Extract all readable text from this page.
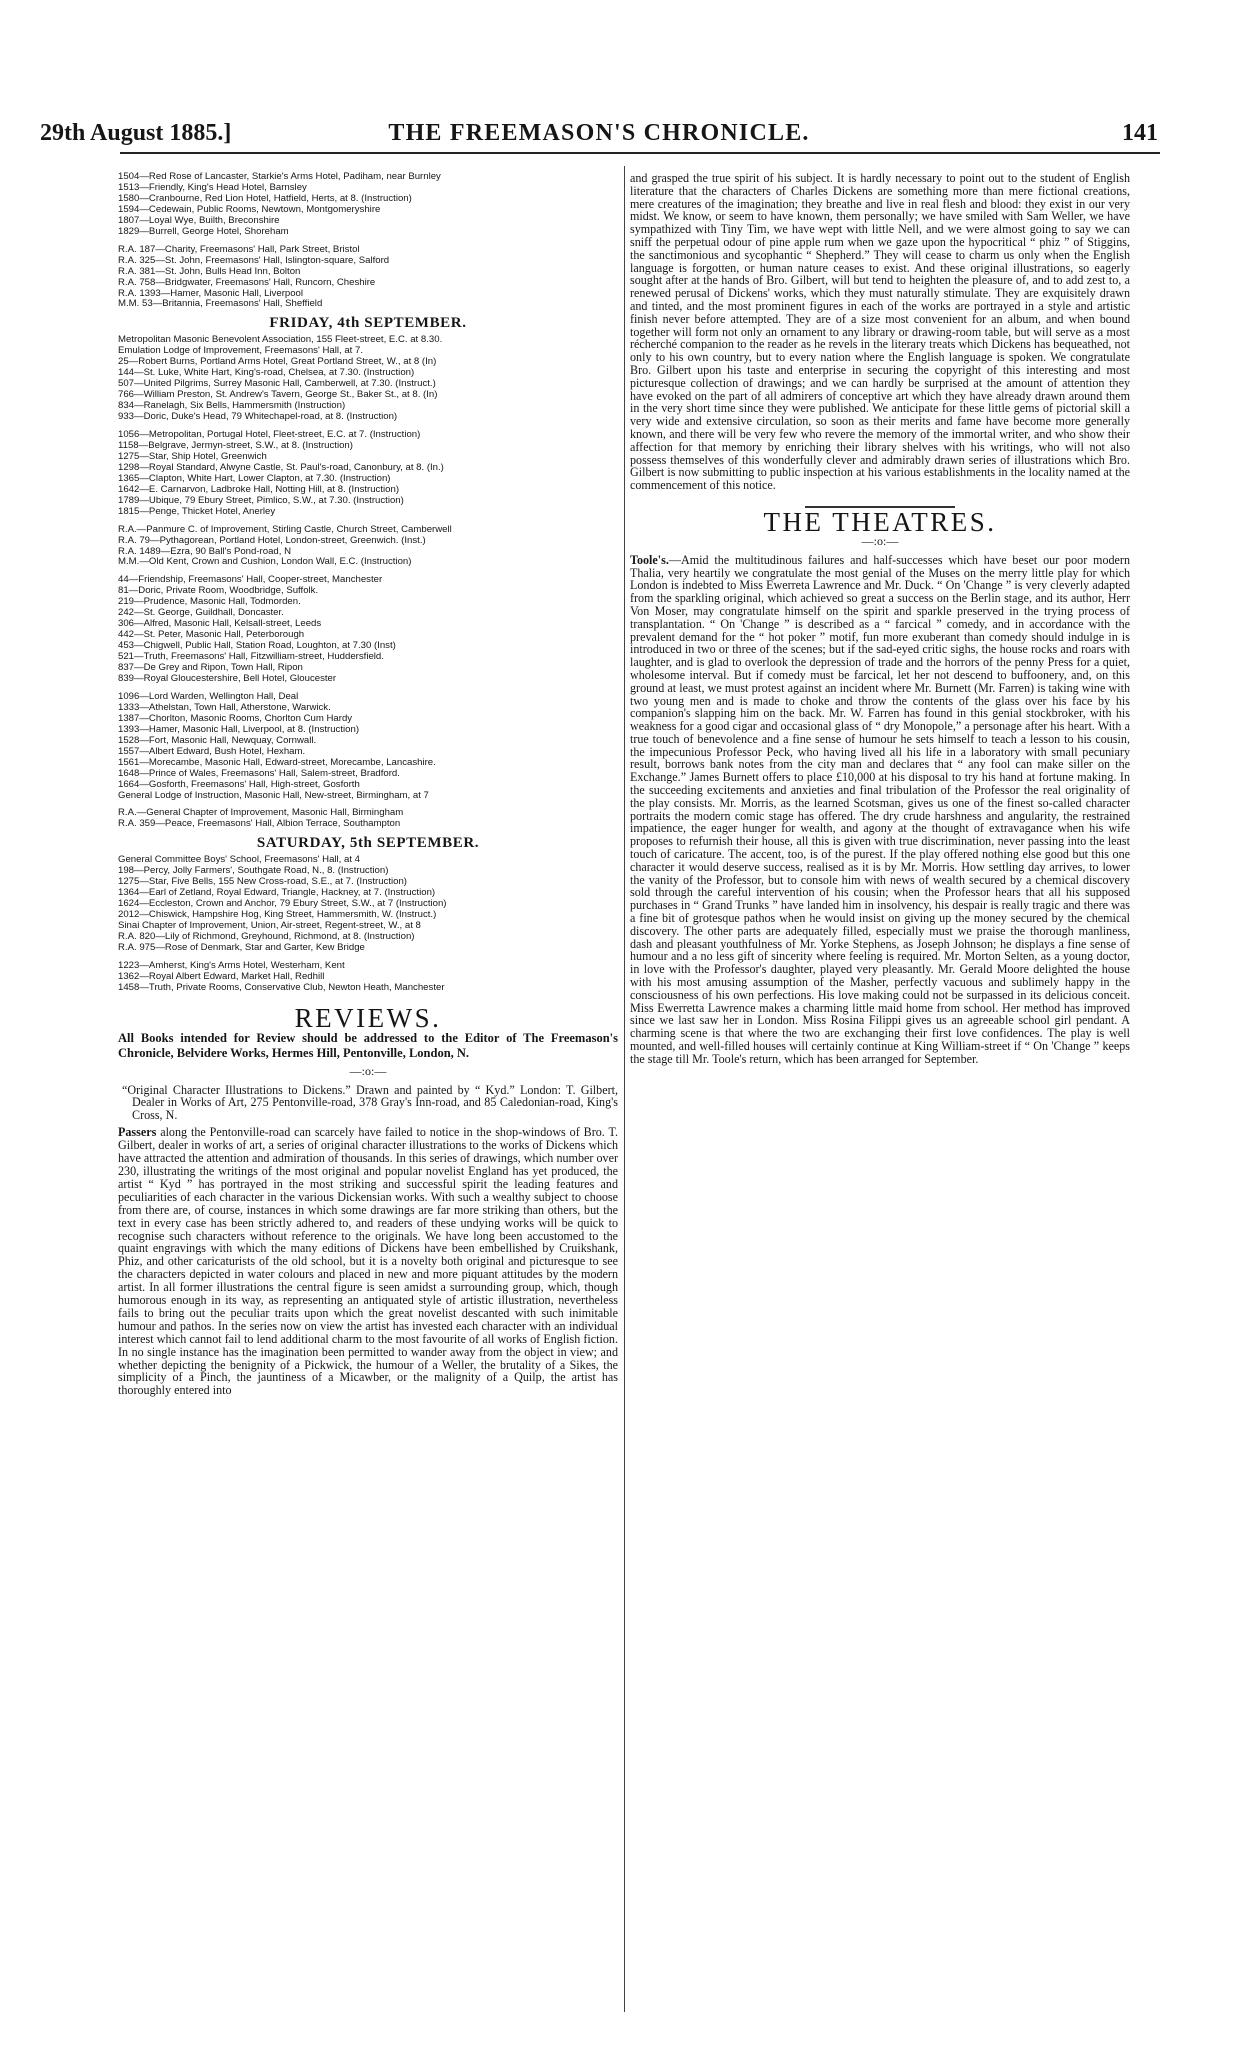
THE FREEMASON'S CHRONICLE.
29th August 1885.]	141
1504—Red Rose of Lancaster, Starkie's Arms Hotel, Padiham, near Burnley
1513—Friendly, King's Head Hotel, Barnsley
1580—Cranbourne, Red Lion Hotel, Hatfield, Herts, at 8. (Instruction)
1594—Cedewain, Public Rooms, Newtown, Montgomeryshire
1807—Loyal Wye, Builth, Breconshire
1829—Burrell, George Hotel, Shoreham
R.A. 187—Charity, Freemasons' Hall, Park Street, Bristol
R.A. 325—St. John, Freemasons' Hall, Islington-square, Salford
R.A. 381—St. John, Bulls Head Inn, Bolton
R.A. 758—Bridgwater, Freemasons' Hall, Runcorn, Cheshire
R.A. 1393—Hamer, Masonic Hall, Liverpool
M.M. 53—Britannia, Freemasons' Hall, Sheffield
FRIDAY, 4th SEPTEMBER.
Metropolitan Masonic Benevolent Association, 155 Fleet-street, E.C. at 8.30.
Emulation Lodge of Improvement, Freemasons' Hall, at 7.
25—Robert Burns, Portland Arms Hotel, Great Portland Street, W., at 8 (In)
144—St. Luke, White Hart, King's-road, Chelsea, at 7.30. (Instruction)
507—United Pilgrims, Surrey Masonic Hall, Camberwell, at 7.30. (Instruct.)
766—William Preston, St. Andrew's Tavern, George St., Baker St., at 8. (In)
834—Ranelagh, Six Bells, Hammersmith (Instruction)
933—Doric, Duke's Head, 79 Whitechapel-road, at 8. (Instruction)
1056—Metropolitan, Portugal Hotel, Fleet-street, E.C. at 7. (Instruction)
1158—Belgrave, Jermyn-street, S.W., at 8. (Instruction)
1275—Star, Ship Hotel, Greenwich
1298—Royal Standard, Alwyne Castle, St. Paul's-road, Canonbury, at 8. (In.)
1365—Clapton, White Hart, Lower Clapton, at 7.30. (Instruction)
1642—E. Carnarvon, Ladbroke Hall, Notting Hill, at 8. (Instruction)
1789—Ubique, 79 Ebury Street, Pimlico, S.W., at 7.30. (Instruction)
1815—Penge, Thicket Hotel, Anerley
R.A.—Panmure C. of Improvement, Stirling Castle, Church Street, Camberwell
R.A. 79—Pythagorean, Portland Hotel, London-street, Greenwich. (Inst.)
R.A. 1489—Ezra, 90 Ball's Pond-road, N
M.M.—Old Kent, Crown and Cushion, London Wall, E.C. (Instruction)
44—Friendship, Freemasons' Hall, Cooper-street, Manchester
81—Doric, Private Room, Woodbridge, Suffolk.
219—Prudence, Masonic Hall, Todmorden.
242—St. George, Guildhall, Doncaster.
306—Alfred, Masonic Hall, Kelsall-street, Leeds
442—St. Peter, Masonic Hall, Peterborough
453—Chigwell, Public Hall, Station Road, Loughton, at 7.30 (Inst)
521—Truth, Freemasons' Hall, Fitzwilliam-street, Huddersfield.
837—De Grey and Ripon, Town Hall, Ripon
839—Royal Gloucestershire, Bell Hotel, Gloucester
1096—Lord Warden, Wellington Hall, Deal
1333—Athelstan, Town Hall, Atherstone, Warwick.
1387—Chorlton, Masonic Rooms, Chorlton Cum Hardy
1393—Hamer, Masonic Hall, Liverpool, at 8. (Instruction)
1528—Fort, Masonic Hall, Newquay, Cornwall.
1557—Albert Edward, Bush Hotel, Hexham.
1561—Morecambe, Masonic Hall, Edward-street, Morecambe, Lancashire.
1648—Prince of Wales, Freemasons' Hall, Salem-street, Bradford.
1664—Gosforth, Freemasons' Hall, High-street, Gosforth
General Lodge of Instruction, Masonic Hall, New-street, Birmingham, at 7
R.A.—General Chapter of Improvement, Masonic Hall, Birmingham
R.A. 359—Peace, Freemasons' Hall, Albion Terrace, Southampton
SATURDAY, 5th SEPTEMBER.
General Committee Boys' School, Freemasons' Hall, at 4
198—Percy, Jolly Farmers', Southgate Road, N., 8. (Instruction)
1275—Star, Five Bells, 155 New Cross-road, S.E., at 7. (Instruction)
1364—Earl of Zetland, Royal Edward, Triangle, Hackney, at 7. (Instruction)
1624—Eccleston, Crown and Anchor, 79 Ebury Street, S.W., at 7 (Instruction)
2012—Chiswick, Hampshire Hog, King Street, Hammersmith, W. (Instruct.)
Sinai Chapter of Improvement, Union, Air-street, Regent-street, W., at 8
R.A. 820—Lily of Richmond, Greyhound, Richmond, at 8. (Instruction)
R.A. 975—Rose of Denmark, Star and Garter, Kew Bridge
1223—Amherst, King's Arms Hotel, Westerham, Kent
1362—Royal Albert Edward, Market Hall, Redhill
1458—Truth, Private Rooms, Conservative Club, Newton Heath, Manchester
REVIEWS.
All Books intended for Review should be addressed to the Editor of The Freemason's Chronicle, Belvidere Works, Hermes Hill, Pentonville, London, N.
—:o:—

“Original Character Illustrations to Dickens.” Drawn and painted by “ Kyd.” London: T. Gilbert, Dealer in Works of Art, 275 Pentonville-road, 378 Gray's Inn-road, and 85 Caledonian-road, King's Cross, N.

Passers along the Pentonville-road can scarcely have failed to notice in the shop-windows of Bro. T. Gilbert, dealer in works of art, a series of original character illustrations to the works of Dickens which have attracted the attention and admiration of thousands. In this series of drawings, which number over 230, illustrating the writings of the most original and popular novelist England has yet produced, the artist “ Kyd ” has portrayed in the most striking and successful spirit the leading features and peculiarities of each character in the various Dickensian works. With such a wealthy subject to choose from there are, of course, instances in which some drawings are far more striking than others, but the text in every case has been strictly adhered to, and readers of these undying works will be quick to recognise such characters without reference to the originals. We have long been accustomed to the quaint engravings with which the many editions of Dickens have been embellished by Cruikshank, Phiz, and other caricaturists of the old school, but it is a novelty both original and picturesque to see the characters depicted in water colours and placed in new and more piquant attitudes by the modern artist. In all former illustrations the central figure is seen amidst a surrounding group, which, though humorous enough in its way, as representing an antiquated style of artistic illustration, nevertheless fails to bring out the peculiar traits upon which the great novelist descanted with such inimitable humour and pathos. In the series now on view the artist has invested each character with an individual interest which cannot fail to lend additional charm to the most favourite of all works of English fiction. In no single instance has the imagination been permitted to wander away from the object in view; and whether depicting the benignity of a Pickwick, the humour of a Weller, the brutality of a Sikes, the simplicity of a Pinch, the jauntiness of a Micawber, or the malignity of a Quilp, the artist has thoroughly entered into

and grasped the true spirit of his subject. It is hardly necessary to point out to the student of English literature that the characters of Charles Dickens are something more than mere fictional creations, mere creatures of the imagination; they breathe and live in real flesh and blood: they exist in our very midst. We know, or seem to have known, them personally; we have smiled with Sam Weller, we have sympathized with Tiny Tim, we have wept with little Nell, and we were almost going to say we can sniff the perpetual odour of pine apple rum when we gaze upon the hypocritical “ phiz ” of Stiggins, the sanctimonious and sycophantic “ Shepherd.” They will cease to charm us only when the English language is forgotten, or human nature ceases to exist. And these original illustrations, so eagerly sought after at the hands of Bro. Gilbert, will but tend to heighten the pleasure of, and to add zest to, a renewed perusal of Dickens' works, which they must naturally stimulate. They are exquisitely drawn and tinted, and the most prominent figures in each of the works are portrayed in a style and artistic finish never before attempted. They are of a size most convenient for an album, and when bound together will form not only an ornament to any library or drawing-room table, but will serve as a most récherché companion to the reader as he revels in the literary treats which Dickens has bequeathed, not only to his own country, but to every nation where the English language is spoken. We congratulate Bro. Gilbert upon his taste and enterprise in securing the copyright of this interesting and most picturesque collection of drawings; and we can hardly be surprised at the amount of attention they have evoked on the part of all admirers of conceptive art which they have already drawn around them in the very short time since they were published. We anticipate for these little gems of pictorial skill a very wide and extensive circulation, so soon as their merits and fame have become more generally known, and there will be very few who revere the memory of the immortal writer, and who show their affection for that memory by enriching their library shelves with his writings, who will not also possess themselves of this wonderfully clever and admirably drawn series of illustrations which Bro. Gilbert is now submitting to public inspection at his various establishments in the locality named at the commencement of this notice.

THE THEATRES.
—:o:—

Toole's.—Amid the multitudinous failures and half-successes which have beset our poor modern Thalia, very heartily we congratulate the most genial of the Muses on the merry little play for which London is indebted to Miss Ewerreta Lawrence and Mr. Duck. “ On 'Change ” is very cleverly adapted from the sparkling original, which achieved so great a success on the Berlin stage, and its author, Herr Von Moser, may congratulate himself on the spirit and sparkle preserved in the trying process of transplantation. “ On 'Change ” is described as a “ farcical ” comedy, and in accordance with the prevalent demand for the “ hot poker ” motif, fun more exuberant than comedy should indulge in is introduced in two or three of the scenes; but if the sad-eyed critic sighs, the house rocks and roars with laughter, and is glad to overlook the depression of trade and the horrors of the penny Press for a quiet, wholesome interval. But if comedy must be farcical, let her not descend to buffoonery, and, on this ground at least, we must protest against an incident where Mr. Burnett (Mr. Farren) is taking wine with two young men and is made to choke and throw the contents of the glass over his face by his companion's slapping him on the back. Mr. W. Farren has found in this genial stockbroker, with his weakness for a good cigar and occasional glass of “ dry Monopole,” a personage after his heart. With a true touch of benevolence and a fine sense of humour he sets himself to teach a lesson to his cousin, the impecunious Professor Peck, who having lived all his life in a laboratory with small pecuniary result, borrows bank notes from the city man and declares that “ any fool can make siller on the Exchange.” James Burnett offers to place £10,000 at his disposal to try his hand at fortune making. In the succeeding excitements and anxieties and final tribulation of the Professor the real originality of the play consists. Mr. Morris, as the learned Scotsman, gives us one of the finest so-called character portraits the modern comic stage has offered. The dry crude harshness and angularity, the restrained impatience, the eager hunger for wealth, and agony at the thought of extravagance when his wife proposes to refurnish their house, all this is given with true discrimination, never passing into the least touch of caricature. The accent, too, is of the purest. If the play offered nothing else good but this one character it would deserve success, realised as it is by Mr. Morris. How settling day arrives, to lower the vanity of the Professor, but to console him with news of wealth secured by a chemical discovery sold through the careful intervention of his cousin; when the Professor hears that all his supposed purchases in “ Grand Trunks ” have landed him in insolvency, his despair is really tragic and there was a fine bit of grotesque pathos when he would insist on giving up the money secured by the chemical discovery. The other parts are adequately filled, especially must we praise the thorough manliness, dash and pleasant youthfulness of Mr. Yorke Stephens, as Joseph Johnson; he displays a fine sense of humour and a no less gift of sincerity where feeling is required. Mr. Morton Selten, as a young doctor, in love with the Professor's daughter, played very pleasantly. Mr. Gerald Moore delighted the house with his most amusing assumption of the Masher, perfectly vacuous and sublimely happy in the consciousness of his own perfections. His love making could not be surpassed in its delicious conceit. Miss Ewerretta Lawrence makes a charming little maid home from school. Her method has improved since we last saw her in London. Miss Rosina Filippi gives us an agreeable school girl pendant. A charming scene is that where the two are exchanging their first love confidences. The play is well mounted, and well-filled houses will certainly continue at King William-street if “ On 'Change ” keeps the stage till Mr. Toole's return, which has been arranged for September.
